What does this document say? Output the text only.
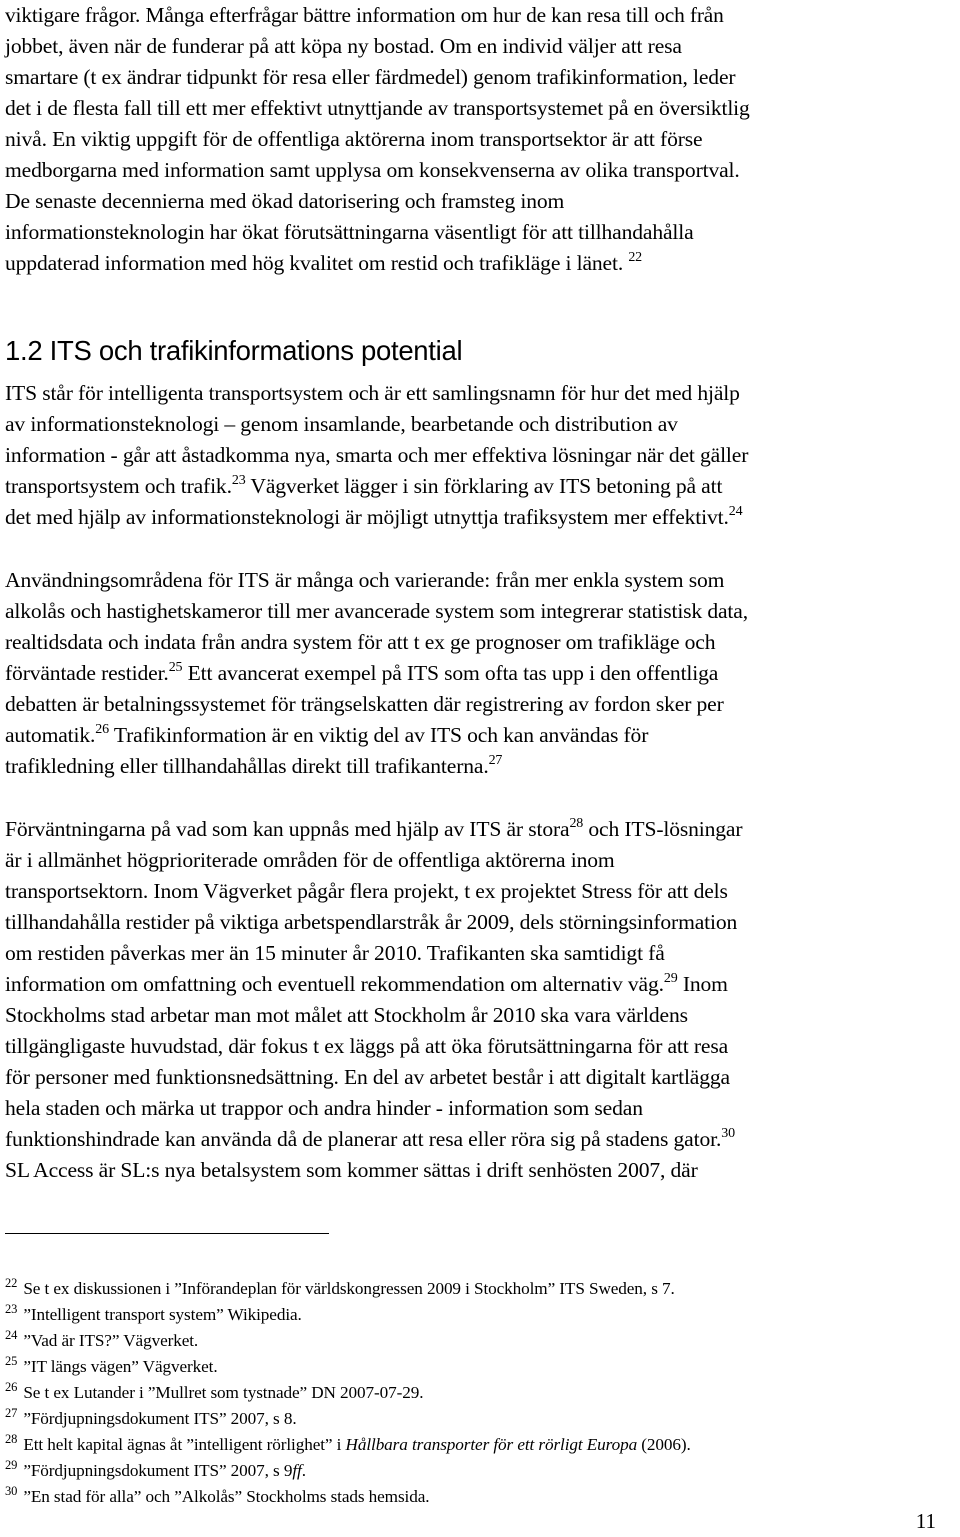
viktigare frågor. Många efterfrågar bättre information om hur de kan resa till och från
jobbet, även när de funderar på att köpa ny bostad. Om en individ väljer att resa
smartare (t ex ändrar tidpunkt för resa eller färdmedel) genom trafikinformation, leder
det i de flesta fall till ett mer effektivt utnyttjande av transportsystemet på en översiktlig
nivå. En viktig uppgift för de offentliga aktörerna inom transportsektor är att förse
medborgarna med information samt upplysa om konsekvenserna av olika transportval.
De senaste decennierna med ökad datorisering och framsteg inom
informationsteknologin har ökat förutsättningarna väsentligt för att tillhandahålla
uppdaterad information med hög kvalitet om restid och trafikläge i länet. $^{22}$
1.2 ITS och trafikinformations potential
ITS står för intelligenta transportsystem och är ett samlingsnamn för hur det med hjälp
av informationsteknologi – genom insamlande, bearbetande och distribution av
information - går att åstadkomma nya, smarta och mer effektiva lösningar när det gäller
transportsystem och trafik.$^{23}$ Vägverket lägger i sin förklaring av ITS betoning på att
det med hjälp av informationsteknologi är möjligt utnyttja trafiksystem mer effektivt.$^{24}$
Användningsområdena för ITS är många och varierande: från mer enkla system som
alkolås och hastighetskameror till mer avancerade system som integrerar statistisk data,
realtidsdata och indata från andra system för att t ex ge prognoser om trafikläge och
förväntade restider.$^{25}$ Ett avancerat exempel på ITS som ofta tas upp i den offentliga
debatten är betalningssystemet för trängselskatten där registrering av fordon sker per
automatik.$^{26}$ Trafikinformation är en viktig del av ITS och kan användas för
trafikledning eller tillhandahållas direkt till trafikanterna.$^{27}$
Förväntningarna på vad som kan uppnås med hjälp av ITS är stora$^{28}$ och ITS-lösningar
är i allmänhet högprioriterade områden för de offentliga aktörerna inom
transportsektorn. Inom Vägverket pågår flera projekt, t ex projektet Stress för att dels
tillhandahålla restider på viktiga arbetspendlarstråk år 2009, dels störningsinformation
om restiden påverkas mer än 15 minuter år 2010. Trafikanten ska samtidigt få
information om omfattning och eventuell rekommendation om alternativ väg.$^{29}$ Inom
Stockholms stad arbetar man mot målet att Stockholm år 2010 ska vara världens
tillgängligaste huvudstad, där fokus t ex läggs på att öka förutsättningarna för att resa
för personer med funktionsnedsättning. En del av arbetet består i att digitalt kartlägga
hela staden och märka ut trappor och andra hinder - information som sedan
funktionshindrade kan använda då de planerar att resa eller röra sig på stadens gator.$^{30}$
SL Access är SL:s nya betalsystem som kommer sättas i drift senhösten 2007, där
$^{22}$ Se t ex diskussionen i ”Införandeplan för världskongressen 2009 i Stockholm” ITS Sweden, s 7.
$^{23}$ ”Intelligent transport system” Wikipedia.
$^{24}$ ”Vad är ITS?” Vägverket.
$^{25}$ ”IT längs vägen” Vägverket.
$^{26}$ Se t ex Lutander i ”Mullret som tystnade” DN 2007-07-29.
$^{27}$ ”Fördjupningsdokument ITS” 2007, s 8.
$^{28}$ Ett helt kapital ägnas åt ”intelligent rörlighet” i Hållbara transporter för ett rörligt Europa (2006).
$^{29}$ ”Fördjupningsdokument ITS” 2007, s 9ff.
$^{30}$ ”En stad för alla” och ”Alkolås” Stockholms stads hemsida.
11
